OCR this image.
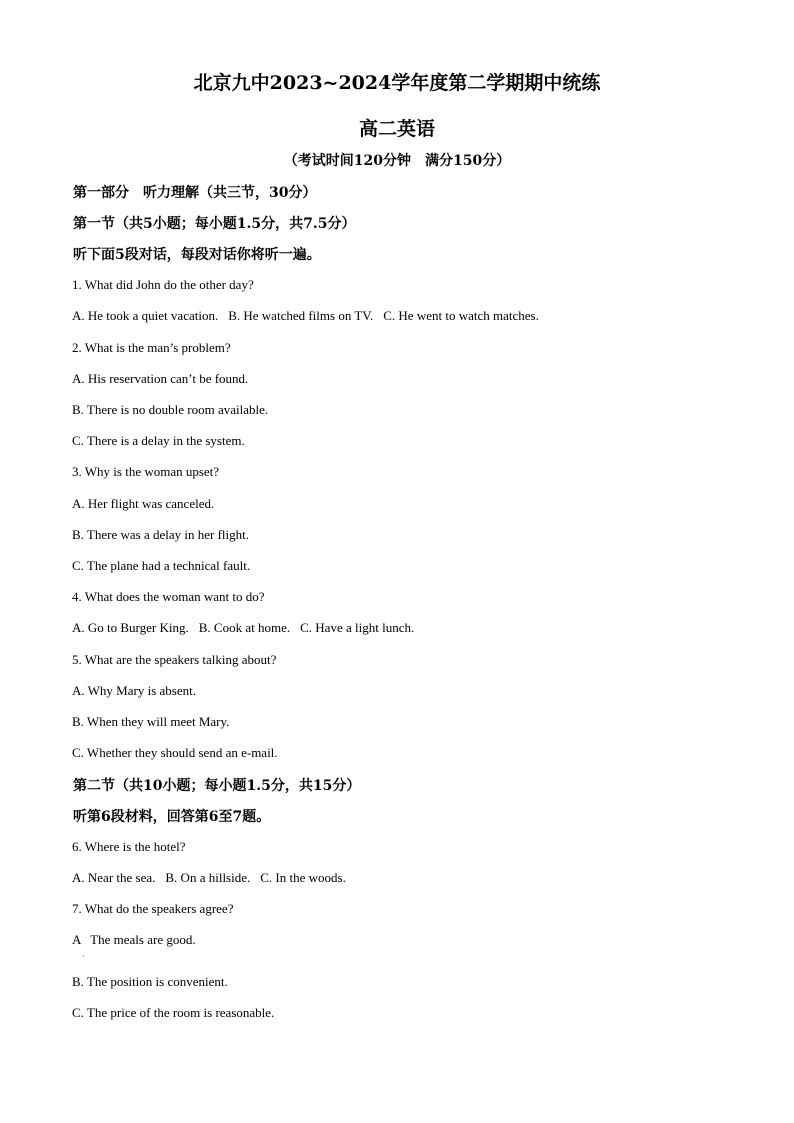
北京九中2023~2024学年度第二学期期中统练
高二英语
（考试时间120分钟　满分150分）
第一部分　听力理解（共三节，30分）
第一节（共5小题；每小题1.5分，共7.5分）
听下面5段对话，每段对话你将听一遍。
1. What did John do the other day?
A. He took a quiet vacation. B. He watched films on TV. C. He went to watch matches.
2. What is the man’s problem?
A. His reservation can’t be found.
B. There is no double room available.
C. There is a delay in the system.
3. Why is the woman upset?
A. Her flight was canceled.
B. There was a delay in her flight.
C. The plane had a technical fault.
4. What does the woman want to do?
A. Go to Burger King. B. Cook at home. C. Have a light lunch.
5. What are the speakers talking about?
A. Why Mary is absent.
B. When they will meet Mary.
C. Whether they should send an e-mail.
第二节（共10小题；每小题1.5分，共15分）
听第6段材料，回答第6至7题。
6. Where is the hotel?
A. Near the sea. B. On a hillside. C. In the woods.
7. What do the speakers agree?
A   The meals are good.
·
B. The position is convenient.
C. The price of the room is reasonable.
